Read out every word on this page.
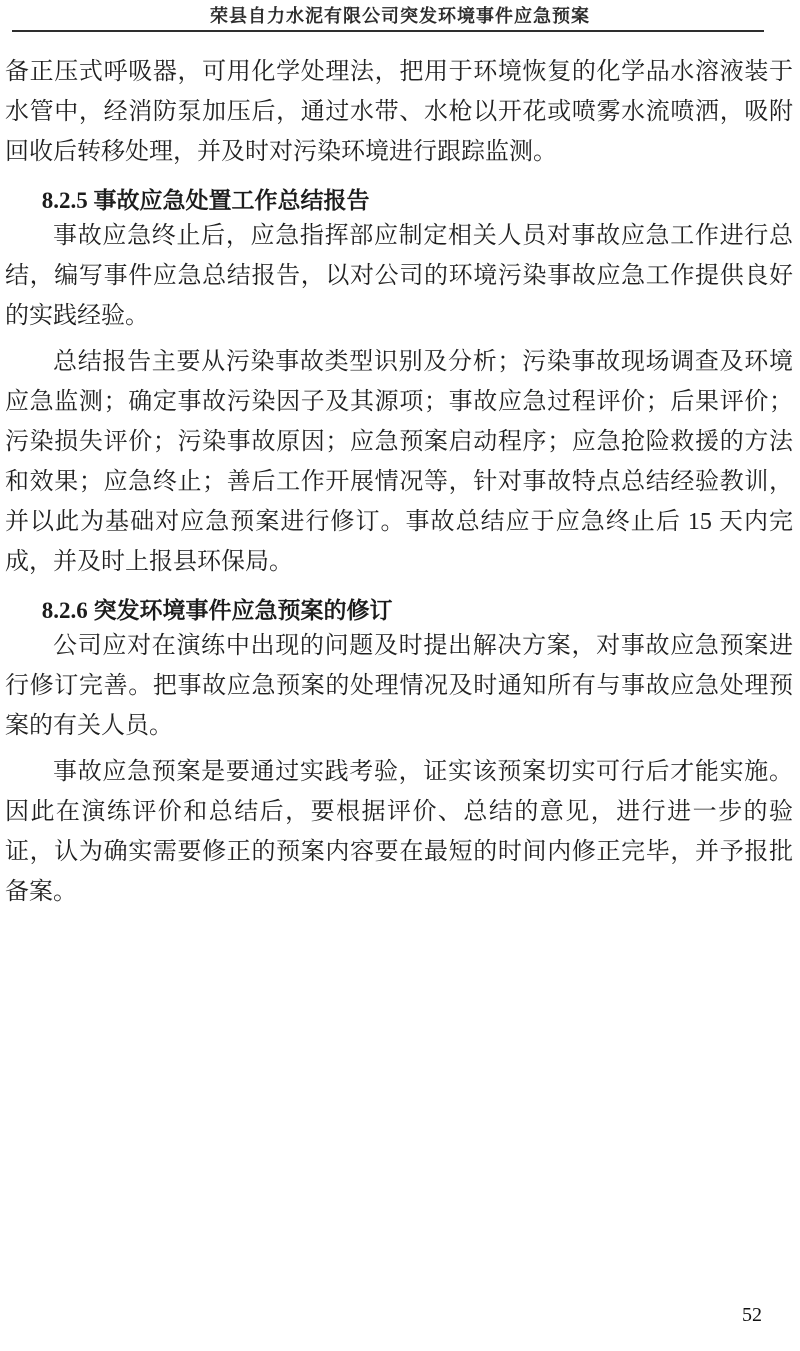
荣县自力水泥有限公司突发环境事件应急预案

备正压式呼吸器，可用化学处理法，把用于环境恢复的化学品水溶液装于水管中，经消防泵加压后，通过水带、水枪以开花或喷雾水流喷洒，吸附回收后转移处理，并及时对污染环境进行跟踪监测。

8.2.5 事故应急处置工作总结报告

事故应急终止后，应急指挥部应制定相关人员对事故应急工作进行总结，编写事件应急总结报告，以对公司的环境污染事故应急工作提供良好的实践经验。

总结报告主要从污染事故类型识别及分析；污染事故现场调查及环境应急监测；确定事故污染因子及其源项；事故应急过程评价；后果评价；污染损失评价；污染事故原因；应急预案启动程序；应急抢险救援的方法和效果；应急终止；善后工作开展情况等，针对事故特点总结经验教训，并以此为基础对应急预案进行修订。事故总结应于应急终止后 15 天内完成，并及时上报县环保局。

8.2.6 突发环境事件应急预案的修订

公司应对在演练中出现的问题及时提出解决方案，对事故应急预案进行修订完善。把事故应急预案的处理情况及时通知所有与事故应急处理预案的有关人员。

事故应急预案是要通过实践考验，证实该预案切实可行后才能实施。因此在演练评价和总结后，要根据评价、总结的意见，进行进一步的验证，认为确实需要修正的预案内容要在最短的时间内修正完毕，并予报批备案。

52
